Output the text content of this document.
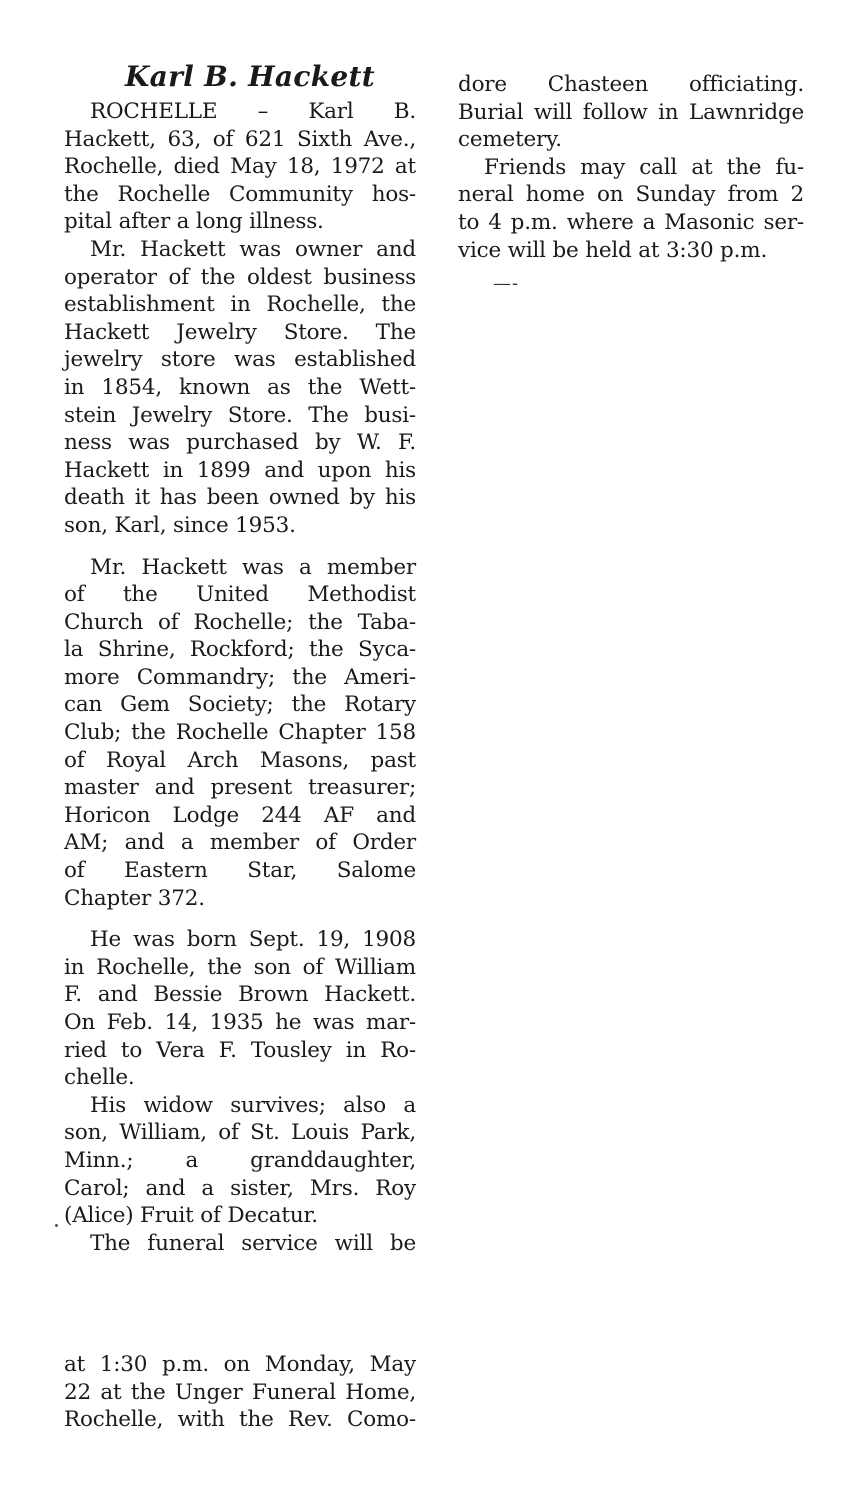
Karl B. Hackett
ROCHELLE – Karl B.
Hackett, 63, of 621 Sixth Ave.,
Rochelle, died May 18, 1972 at
the Rochelle Community hos-
pital after a long illness.
Mr. Hackett was owner and
operator of the oldest business
establishment in Rochelle, the
Hackett Jewelry Store. The
jewelry store was established
in 1854, known as the Wett-
stein Jewelry Store. The busi-
ness was purchased by W. F.
Hackett in 1899 and upon his
death it has been owned by his
son, Karl, since 1953.
Mr. Hackett was a member
of the United Methodist
Church of Rochelle; the Taba-
la Shrine, Rockford; the Syca-
more Commandry; the Ameri-
can Gem Society; the Rotary
Club; the Rochelle Chapter 158
of Royal Arch Masons, past
master and present treasurer;
Horicon Lodge 244 AF and
AM; and a member of Order
of Eastern Star, Salome
Chapter 372.
He was born Sept. 19, 1908
in Rochelle, the son of William
F. and Bessie Brown Hackett.
On Feb. 14, 1935 he was mar-
ried to Vera F. Tousley in Ro-
chelle.
His widow survives; also a
son, William, of St. Louis Park,
Minn.; a granddaughter,
Carol; and a sister, Mrs. Roy
(Alice) Fruit of Decatur.
The funeral service will be
at 1:30 p.m. on Monday, May
22 at the Unger Funeral Home,
Rochelle, with the Rev. Como-
dore Chasteen officiating.
Burial will follow in Lawnridge
cemetery.
Friends may call at the fu-
neral home on Sunday from 2
to 4 p.m. where a Masonic ser-
vice will be held at 3:30 p.m.
—-
